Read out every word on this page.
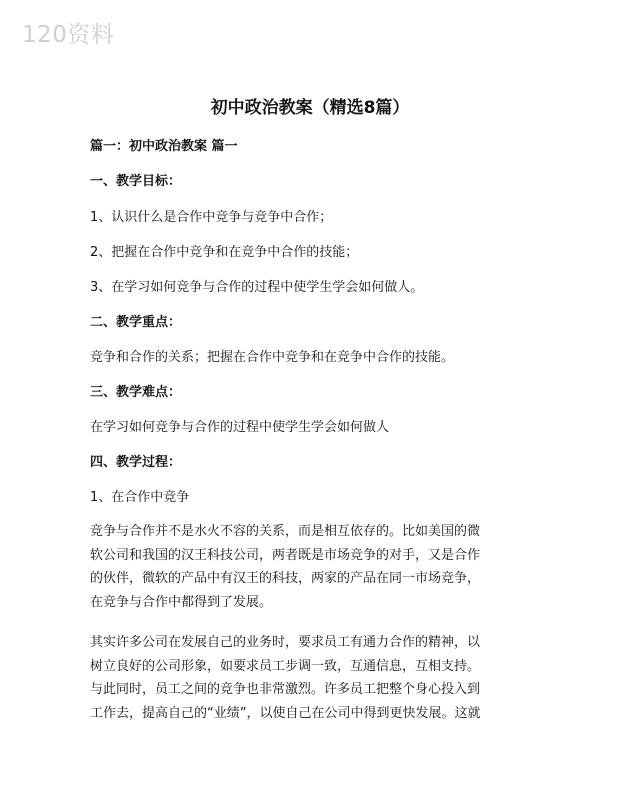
120资料
初中政治教案（精选8篇）
篇一：初中政治教案 篇一
一、教学目标：
1、认识什么是合作中竞争与竞争中合作；
2、把握在合作中竞争和在竞争中合作的技能；
3、在学习如何竞争与合作的过程中使学生学会如何做人。
二、教学重点：
竞争和合作的关系；把握在合作中竞争和在竞争中合作的技能。
三、教学难点：
在学习如何竞争与合作的过程中使学生学会如何做人
四、教学过程：
1、在合作中竞争
竞争与合作并不是水火不容的关系，而是相互依存的。比如美国的微
软公司和我国的汉王科技公司，两者既是市场竞争的对手，又是合作
的伙伴，微软的产品中有汉王的科技，两家的产品在同一市场竞争，
在竞争与合作中都得到了发展。
其实许多公司在发展自己的业务时，要求员工有通力合作的精神，以
树立良好的公司形象，如要求员工步调一致，互通信息，互相支持。
与此同时，员工之间的竞争也非常激烈。许多员工把整个身心投入到
工作去，提高自己的“业绩”，以使自己在公司中得到更快发展。这就
